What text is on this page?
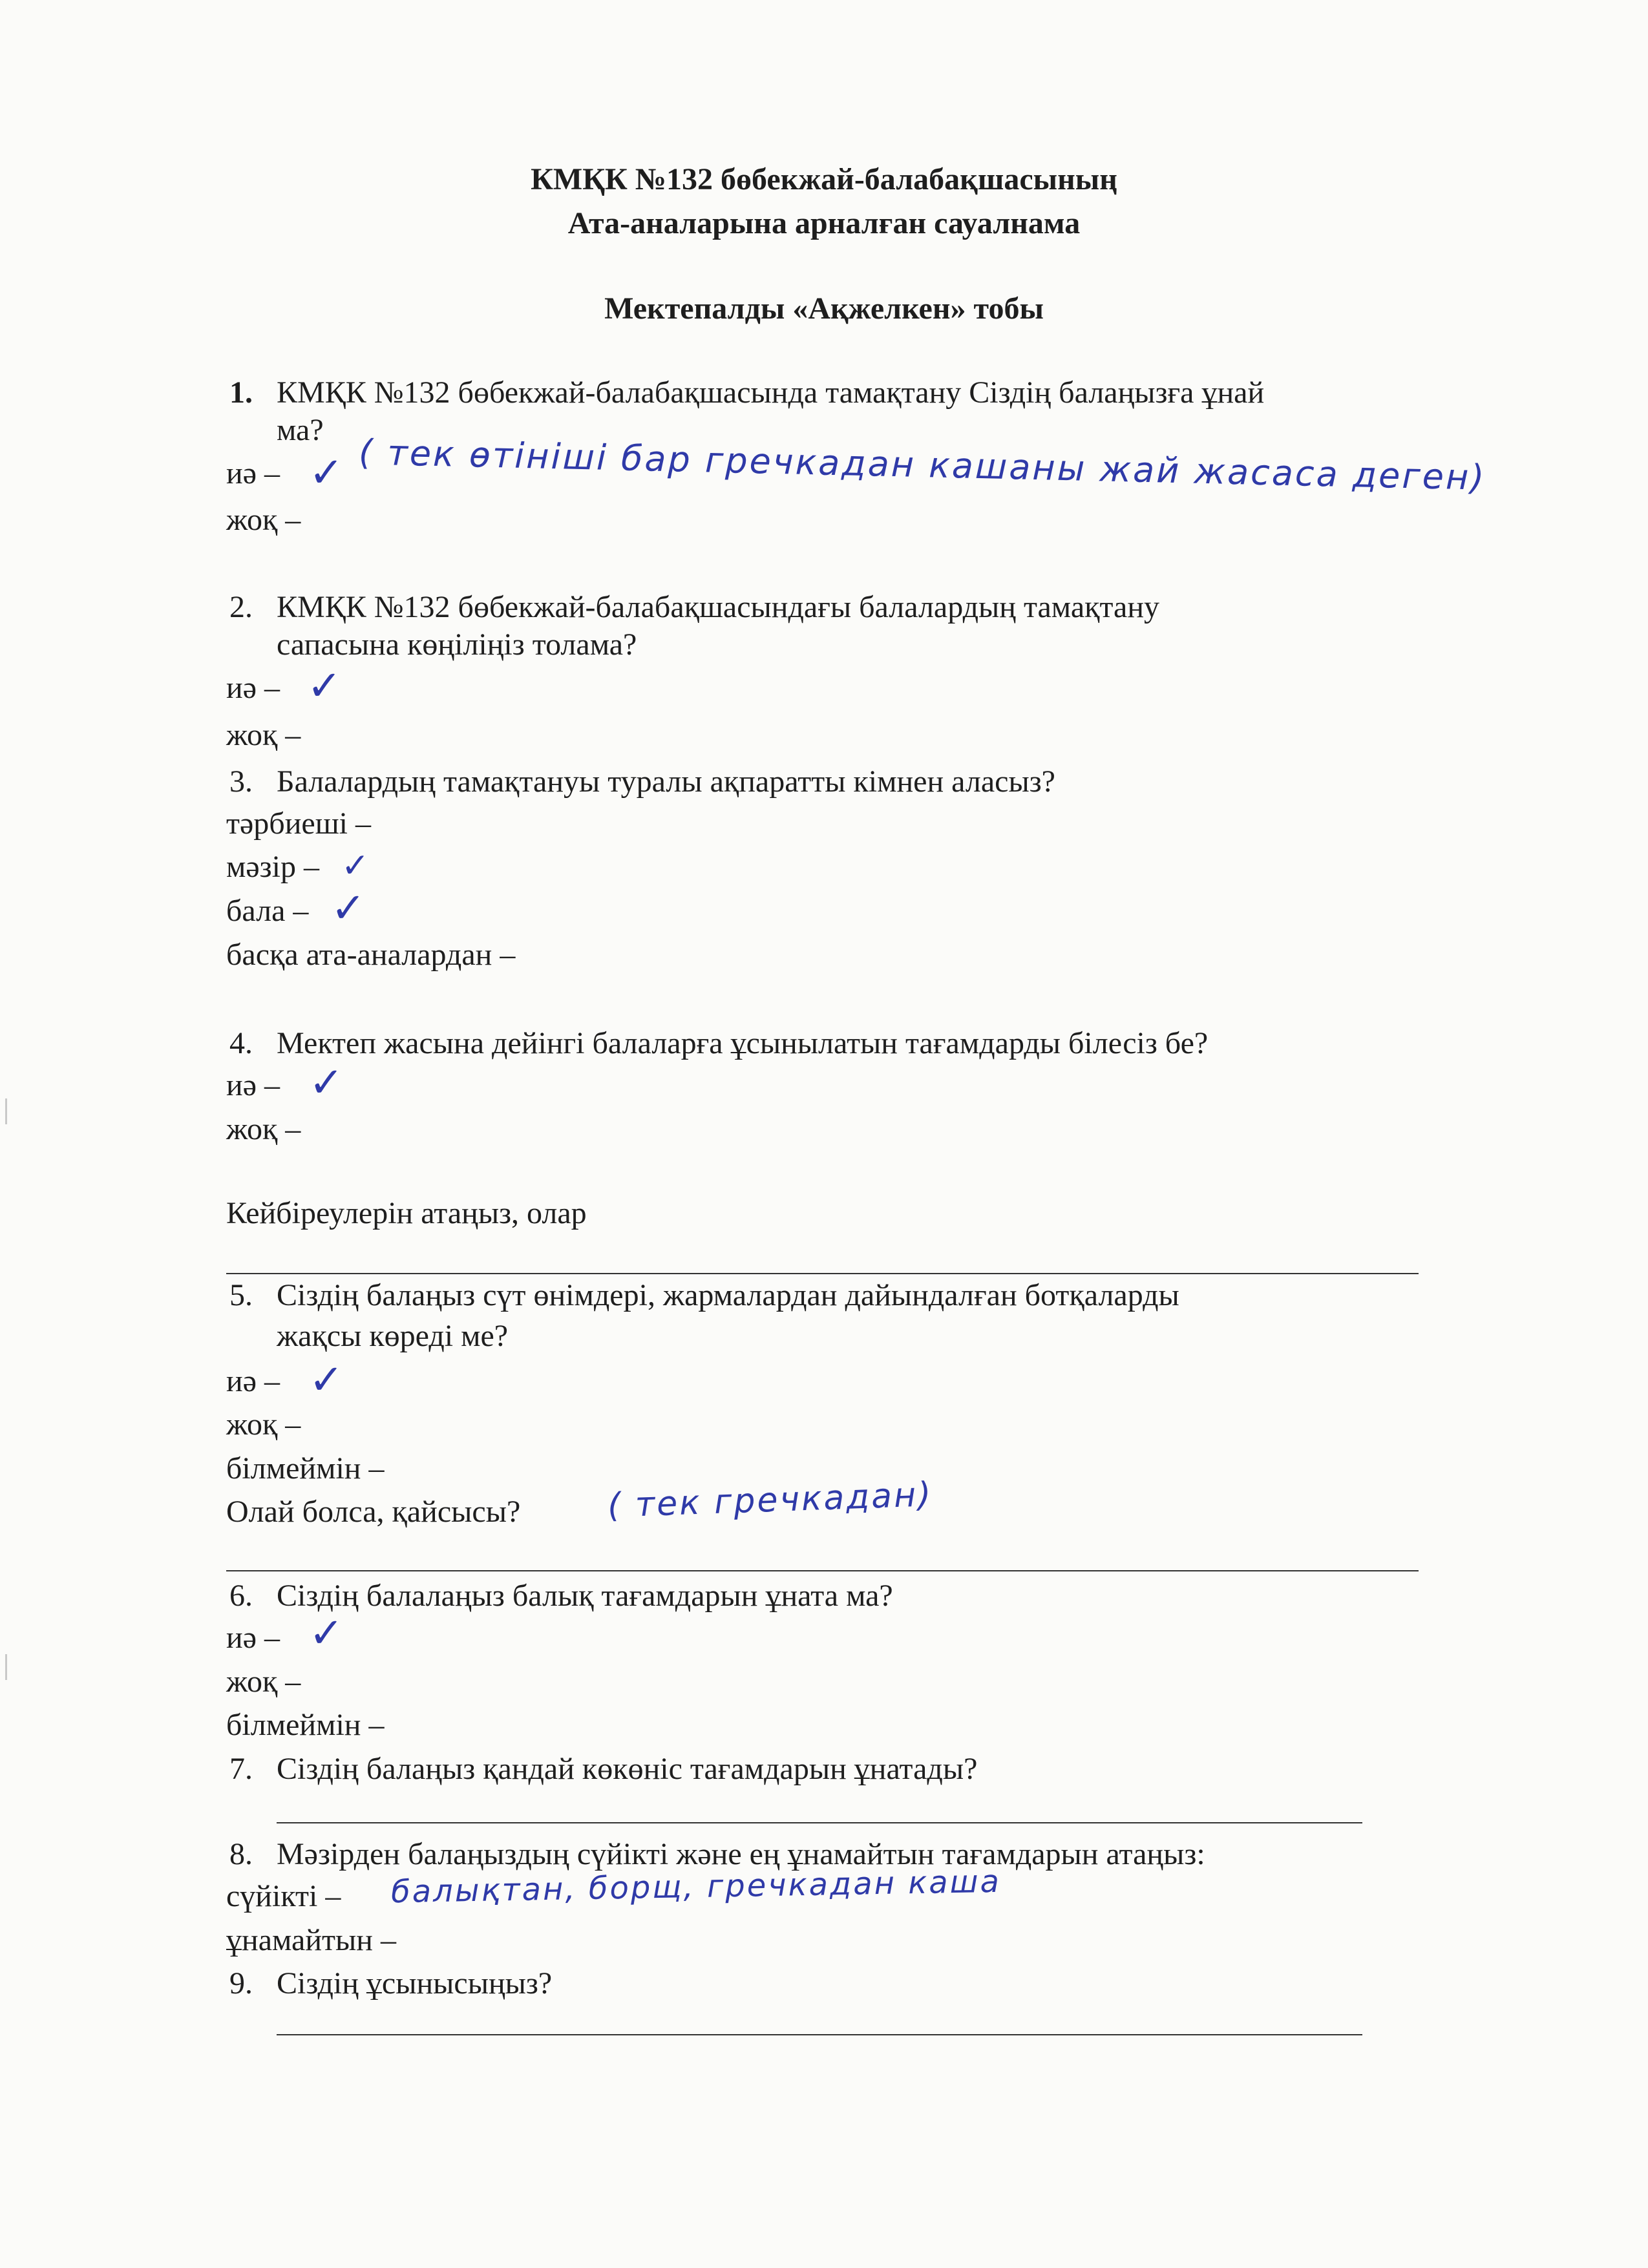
КМҚК №132 бөбекжай-балабақшасының
Ата-аналарына арналған сауалнама
Мектепалды «Ақжелкен» тобы
1. КМҚК №132 бөбекжай-балабақшасында тамақтану Сіздің балаңызға ұнай
ма?
иә – ✓ ( тек өтініші бар гречкадан кашаны жай жасаса деген)
жоқ –
2. КМҚК №132 бөбекжай-балабақшасындағы балалардың тамақтану
сапасына көңіліңіз толама?
иә – ✓
жоқ –
3. Балалардың тамақтануы туралы ақпаратты кімнен аласыз?
тәрбиеші –
мәзір – ✓
бала – ✓
басқа ата-аналардан –
4. Мектеп жасына дейінгі балаларға ұсынылатын тағамдарды білесіз бе?
иә – ✓
жоқ –
Кейбіреулерін атаңыз, олар
5. Сіздің балаңыз сүт өнімдері, жармалардан дайындалған ботқаларды
жақсы көреді ме?
иә – ✓
жоқ –
білмеймін –
Олай болса, қайсысы?	( тек гречкадан)
6. Сіздің балалаңыз балық тағамдарын ұната ма?
иә – ✓
жоқ –
білмеймін –
7. Сіздің балаңыз қандай көкөніс тағамдарын ұнатады?
8. Мәзірден балаңыздың сүйікті және ең ұнамайтын тағамдарын атаңыз:
сүйікті – балықтан, борщ, гречкадан каша
ұнамайтын –
9. Сіздің ұсынысыңыз?
